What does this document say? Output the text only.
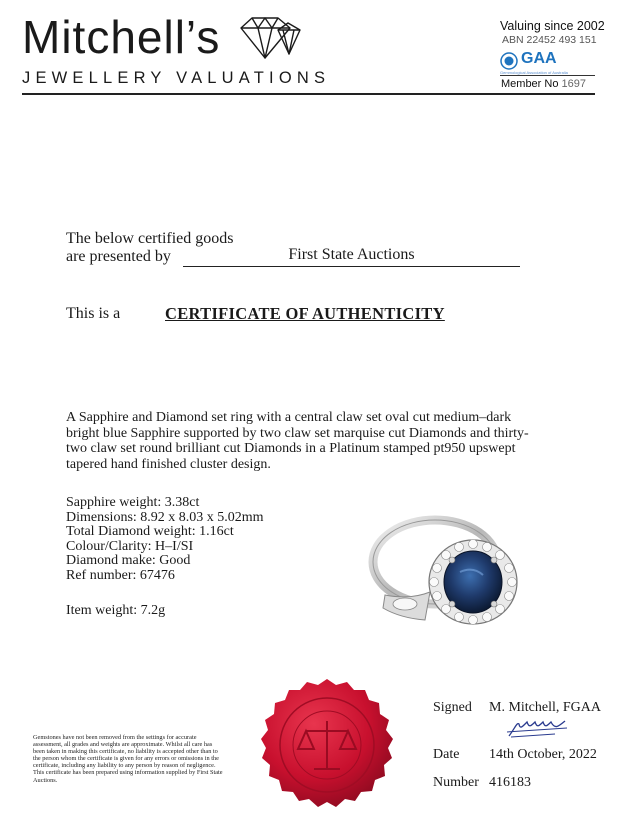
Mitchell’s
JEWELLERY VALUATIONS
Valuing since 2002
ABN 22452 493 151
GAA
Gemmological Association of Australia
Member No 1697
The below certified goods
are presented by	First State Auctions
This is a	CERTIFICATE OF AUTHENTICITY
A Sapphire and Diamond set ring with a central claw set oval cut medium–dark bright blue Sapphire supported by two claw set marquise cut Diamonds and thirty-two claw set round brilliant cut Diamonds in a Platinum stamped pt950 upswept tapered hand finished cluster design.
Sapphire weight: 3.38ct
Dimensions: 8.92 x 8.03 x 5.02mm
Total Diamond weight: 1.16ct
Colour/Clarity: H–I/SI
Diamond make: Good
Ref number: 67476
Item weight: 7.2g
Gemstones have not been removed from the settings for accurate assessment, all grades and weights are approximate. Whilst all care has been taken in making this certificate, no liability is accepted other than to the person whom the certificate is given for any errors or omissions in the certificate, including any liability to any person by reason of negligence. This certificate has been prepared using information supplied by First State Auctions.
Signed M. Mitchell, FGAA
Date 14th October, 2022
Number 416183
